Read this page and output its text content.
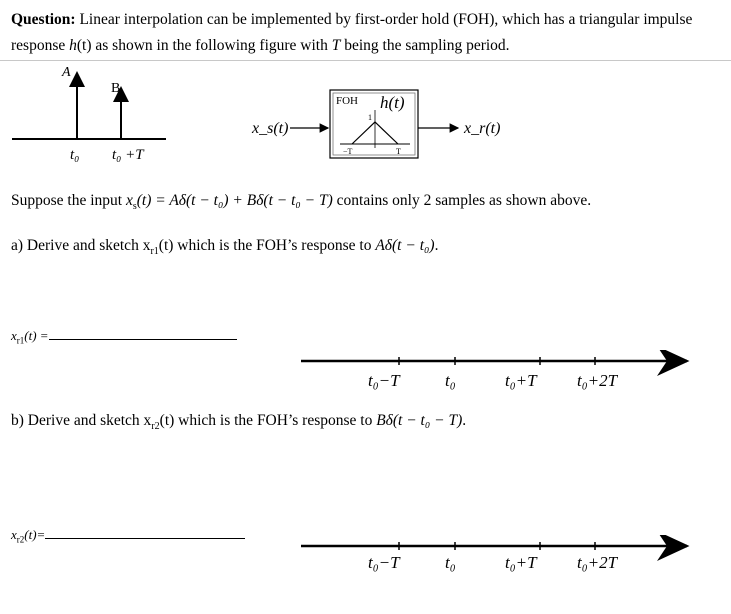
Question: Linear interpolation can be implemented by first-order hold (FOH), which has a triangular impulse
response h(t) as shown in the following figure with T being the sampling period.
A
B
t₀ t₀ +T
x_s(t)
FOH h(t)
1
−T	T
x_r(t)
Suppose the input $x_s(t) = A\delta(t - t_0) + B\delta(t - t_0 - T)$ contains only 2 samples as shown above.
a) Derive and sketch $x_{r1}(t)$ which is the FOH’s response to Aδ(t − t₀).
$x_{r1}(t)$ =
t₀−T	t₀	t₀+T t₀+2T
b) Derive and sketch $x_{r2}(t)$ which is the FOH’s response to Bδ(t − t₀ − T).
$x_{r2}(t)=$
t₀−T	t₀	t₀+T t₀+2T
